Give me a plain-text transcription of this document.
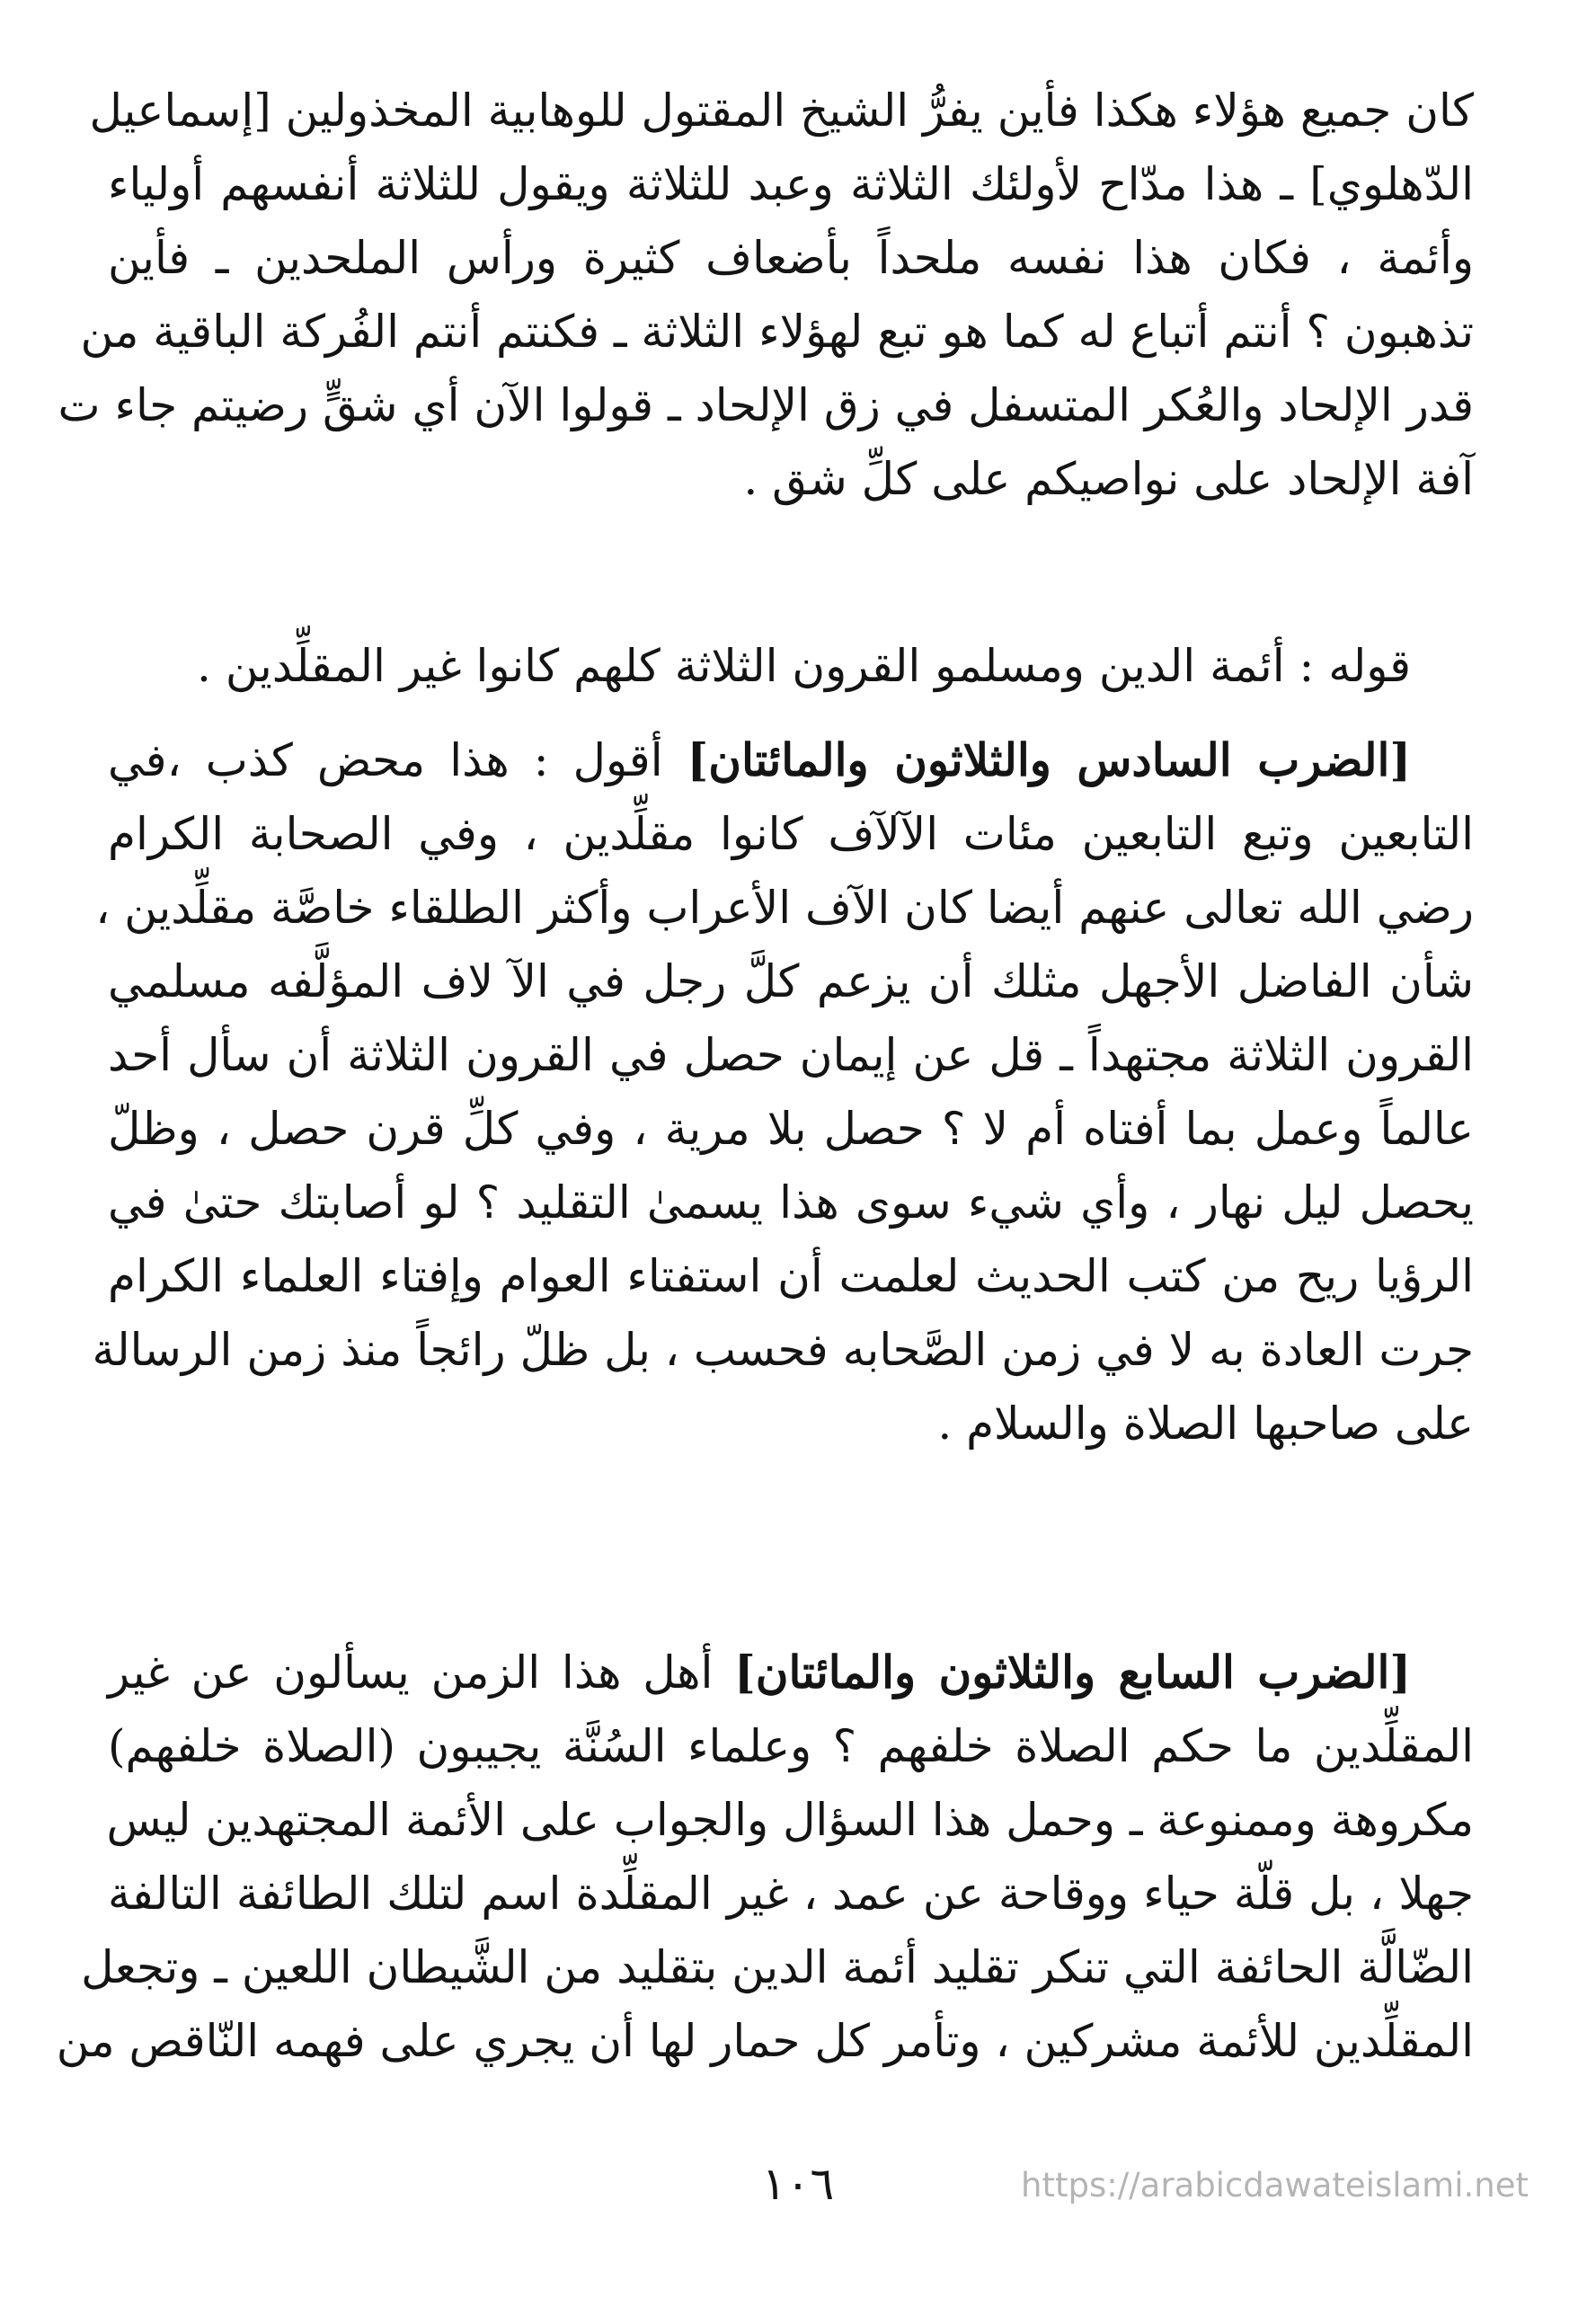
كان جميع هؤلاء هكذا فأين يفرُّ الشيخ المقتول للوهابية المخذولين [إسماعيل
الدّهلوي] ـ هذا مدّاح لأولئك الثلاثة وعبد للثلاثة ويقول للثلاثة أنفسهم أولياء
وأئمة ، فكان هذا نفسه ملحداً بأضعاف كثيرة ورأس الملحدين ـ فأين
تذهبون ؟ أنتم أتباع له كما هو تبع لهؤلاء الثلاثة ـ فكنتم أنتم الفُركة الباقية من
قدر الإلحاد والعُكر المتسفل في زق الإلحاد ـ قولوا الآن أي شقٍّ رضيتم جاء ت
آفة الإلحاد على نواصيكم على كلِّ شق .
قوله : أئمة الدين ومسلمو القرون الثلاثة كلهم كانوا غير المقلِّدين .
[الضرب السادس والثلاثون والمائتان] أقول : هذا محض كذب ،في
التابعين وتبع التابعين مئات الآلآف كانوا مقلِّدين ، وفي الصحابة الكرام
رضي الله تعالى عنهم أيضا كان الآف الأعراب وأكثر الطلقاء خاصَّة مقلِّدين ،
شأن الفاضل الأجهل مثلك أن يزعم كلَّ رجل في الآ لاف المؤلَّفه مسلمي
القرون الثلاثة مجتهداً ـ قل عن إيمان حصل في القرون الثلاثة أن سأل أحد
عالماً وعمل بما أفتاه أم لا ؟ حصل بلا مرية ، وفي كلِّ قرن حصل ، وظلّ
يحصل ليل نهار ، وأي شيء سوى هذا يسمىٰ التقليد ؟ لو أصابتك حتىٰ في
الرؤيا ريح من كتب الحديث لعلمت أن استفتاء العوام وإفتاء العلماء الكرام
جرت العادة به لا في زمن الصَّحابه فحسب ، بل ظلّ رائجاً منذ زمن الرسالة
على صاحبها الصلاة والسلام .
[الضرب السابع والثلاثون والمائتان] أهل هذا الزمن يسألون عن غير
المقلِّدين ما حكم الصلاة خلفهم ؟ وعلماء السُنَّة يجيبون (الصلاة خلفهم)
مكروهة وممنوعة ـ وحمل هذا السؤال والجواب على الأئمة المجتهدين ليس
جهلا ، بل قلّة حياء ووقاحة عن عمد ، غير المقلِّدة اسم لتلك الطائفة التالفة
الضّالَّة الحائفة التي تنكر تقليد أئمة الدين بتقليد من الشَّيطان اللعين ـ وتجعل
المقلِّدين للأئمة مشركين ، وتأمر كل حمار لها أن يجري على فهمه النّاقص من
١٠٦	https://arabicdawateislami.net
